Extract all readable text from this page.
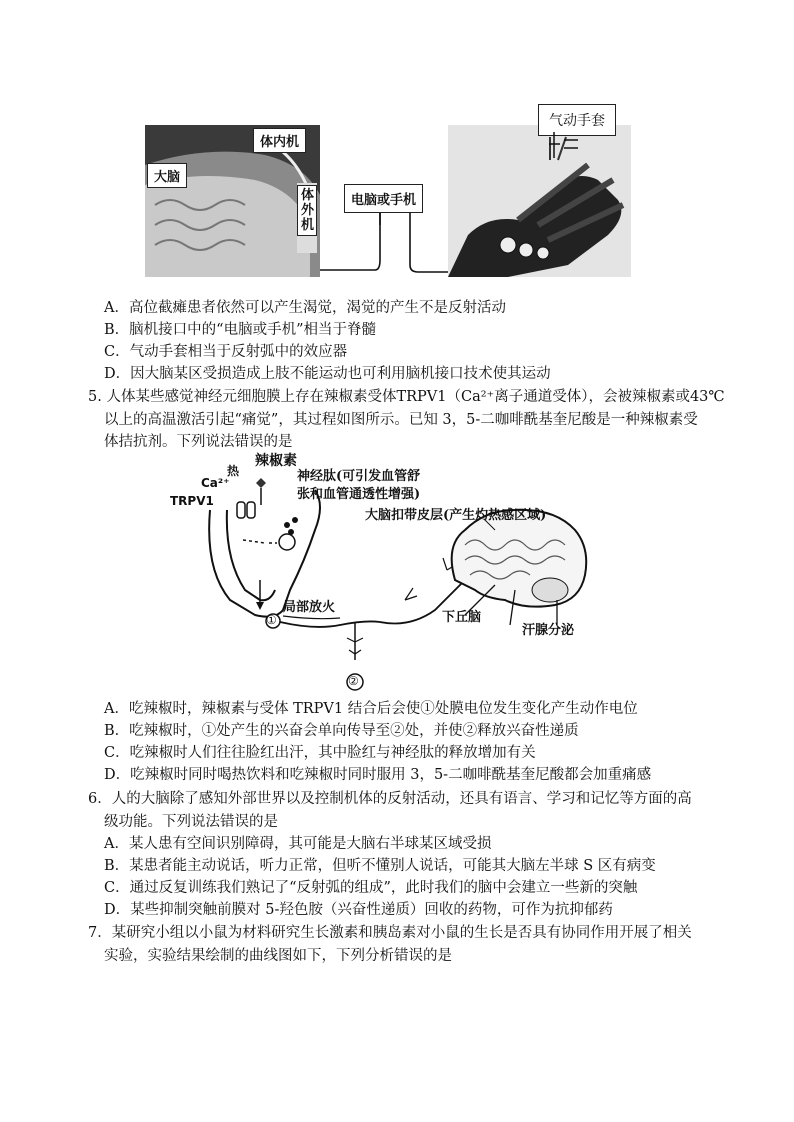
体内机
大脑
体外机
电脑或手机
气动手套
A．高位截瘫患者依然可以产生渴觉，渴觉的产生不是反射活动
B．脑机接口中的“电脑或手机”相当于脊髓
C．气动手套相当于反射弧中的效应器
D．因大脑某区受损造成上肢不能运动也可利用脑机接口技术使其运动
5. 人体某些感觉神经元细胞膜上存在辣椒素受体TRPV1（Ca²⁺离子通道受体），会被辣椒素或43℃
以上的高温激活引起“痛觉”，其过程如图所示。已知 3，5-二咖啡酰基奎尼酸是一种辣椒素受
体拮抗剂。下列说法错误的是
辣椒素
热
Ca²⁺
TRPV1
神经肽(可引发血管舒
张和血管通透性增强)
大脑扣带皮层(产生灼热感区域)
局部放火
①
②
下丘脑
汗腺分泌
A．吃辣椒时，辣椒素与受体 TRPV1 结合后会使①处膜电位发生变化产生动作电位
B．吃辣椒时，①处产生的兴奋会单向传导至②处，并使②释放兴奋性递质
C．吃辣椒时人们往往脸红出汗，其中脸红与神经肽的释放增加有关
D．吃辣椒时同时喝热饮料和吃辣椒时同时服用 3，5-二咖啡酰基奎尼酸都会加重痛感
6．人的大脑除了感知外部世界以及控制机体的反射活动，还具有语言、学习和记忆等方面的高
级功能。下列说法错误的是
A．某人患有空间识别障碍，其可能是大脑右半球某区域受损
B．某患者能主动说话，听力正常，但听不懂别人说话，可能其大脑左半球 S 区有病变
C．通过反复训练我们熟记了“反射弧的组成”，此时我们的脑中会建立一些新的突触
D．某些抑制突触前膜对 5-羟色胺（兴奋性递质）回收的药物，可作为抗抑郁药
7．某研究小组以小鼠为材料研究生长激素和胰岛素对小鼠的生长是否具有协同作用开展了相关
实验，实验结果绘制的曲线图如下，下列分析错误的是
